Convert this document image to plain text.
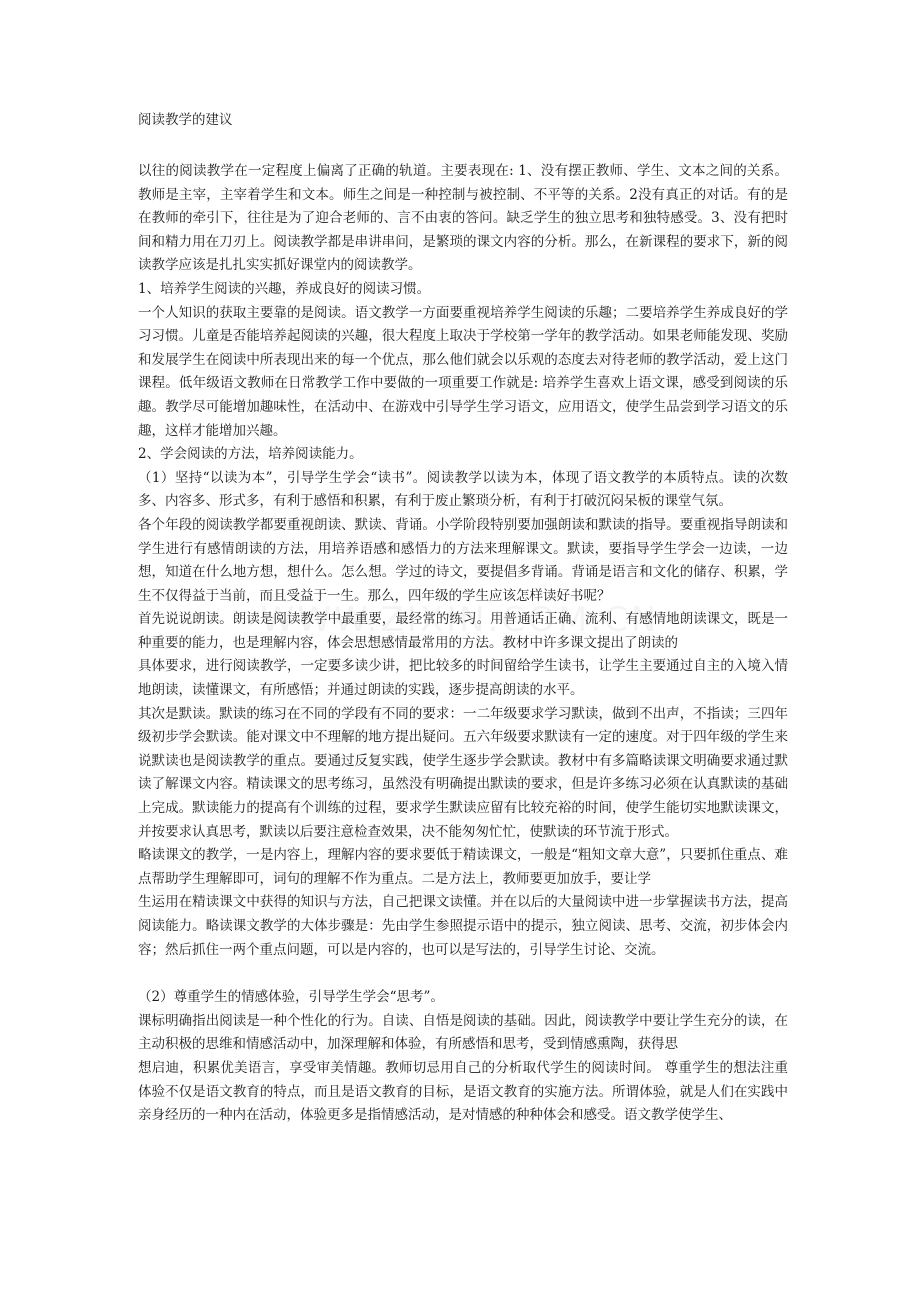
阅读教学的建议

以往的阅读教学在一定程度上偏离了正确的轨道。主要表现在: 1、没有摆正教师、学生、文本之间的关系。教师是主宰，主宰着学生和文本。师生之间是一种控制与被控制、不平等的关系。2没有真正的对话。有的是在教师的牵引下，往往是为了迎合老师的、言不由衷的答问。缺乏学生的独立思考和独特感受。3、没有把时间和精力用在刀刃上。阅读教学都是串讲串问，是繁琐的课文内容的分析。那么，在新课程的要求下，新的阅读教学应该是扎扎实实抓好课堂内的阅读教学。

1、培养学生阅读的兴趣，养成良好的阅读习惯。

一个人知识的获取主要靠的是阅读。语文教学一方面要重视培养学生阅读的乐趣；二要培养学生养成良好的学习习惯。儿童是否能培养起阅读的兴趣，很大程度上取决于学校第一学年的教学活动。如果老师能发现、奖励和发展学生在阅读中所表现出来的每一个优点，那么他们就会以乐观的态度去对待老师的教学活动，爱上这门课程。低年级语文教师在日常教学工作中要做的一项重要工作就是: 培养学生喜欢上语文课，感受到阅读的乐趣。教学尽可能增加趣味性，在活动中、在游戏中引导学生学习语文，应用语文，使学生品尝到学习语文的乐趣，这样才能增加兴趣。

2、学会阅读的方法，培养阅读能力。

（1）坚持“以读为本”，引导学生学会“读书”。阅读教学以读为本，体现了语文教学的本质特点。读的次数多、内容多、形式多，有利于感悟和积累，有利于废止繁琐分析，有利于打破沉闷呆板的课堂气氛。

各个年段的阅读教学都要重视朗读、默读、背诵。小学阶段特别要加强朗读和默读的指导。要重视指导朗读和学生进行有感情朗读的方法，用培养语感和感悟力的方法来理解课文。默读，要指导学生学会一边读，一边想，知道在什么地方想，想什么。怎么想。学过的诗文，要提倡多背诵。背诵是语言和文化的储存、积累，学生不仅得益于当前，而且受益于一生。那么，四年级的学生应该怎样读好书呢？

首先说说朗读。朗读是阅读教学中最重要，最经常的练习。用普通话正确、流利、有感情地朗读课文，既是一种重要的能力，也是理解内容，体会思想感情最常用的方法。教材中许多课文提出了朗读的

具体要求，进行阅读教学，一定要多读少讲，把比较多的时间留给学生读书，让学生主要通过自主的入境入情地朗读，读懂课文，有所感悟；并通过朗读的实践，逐步提高朗读的水平。

其次是默读。默读的练习在不同的学段有不同的要求：一二年级要求学习默读，做到不出声，不指读；三四年级初步学会默读。能对课文中不理解的地方提出疑问。五六年级要求默读有一定的速度。对于四年级的学生来说默读也是阅读教学的重点。要通过反复实践，使学生逐步学会默读。教材中有多篇略读课文明确要求通过默读了解课文内容。精读课文的思考练习，虽然没有明确提出默读的要求，但是许多练习必须在认真默读的基础上完成。默读能力的提高有个训练的过程，要求学生默读应留有比较充裕的时间，使学生能切实地默读课文，并按要求认真思考，默读以后要注意检查效果，决不能匆匆忙忙，使默读的环节流于形式。

略读课文的教学，一是内容上，理解内容的要求要低于精读课文，一般是“粗知文章大意”，只要抓住重点、难点帮助学生理解即可，词句的理解不作为重点。二是方法上，教师要更加放手，要让学

生运用在精读课文中获得的知识与方法，自己把课文读懂。并在以后的大量阅读中进一步掌握读书方法，提高阅读能力。略读课文教学的大体步骤是：先由学生参照提示语中的提示，独立阅读、思考、交流，初步体会内容；然后抓住一两个重点问题，可以是内容的，也可以是写法的，引导学生讨论、交流。

（2）尊重学生的情感体验，引导学生学会“思考”。

课标明确指出阅读是一种个性化的行为。自读、自悟是阅读的基础。因此，阅读教学中要让学生充分的读，在主动积极的思维和情感活动中，加深理解和体验，有所感悟和思考，受到情感熏陶，获得思

想启迪，积累优美语言，享受审美情趣。教师切忌用自己的分析取代学生的阅读时间。 尊重学生的想法注重体验不仅是语文教育的特点，而且是语文教育的目标，是语文教育的实施方法。所谓体验，就是人们在实践中亲身经历的一种内在活动，体验更多是指情感活动，是对情感的种种体会和感受。语文教学使学生、
